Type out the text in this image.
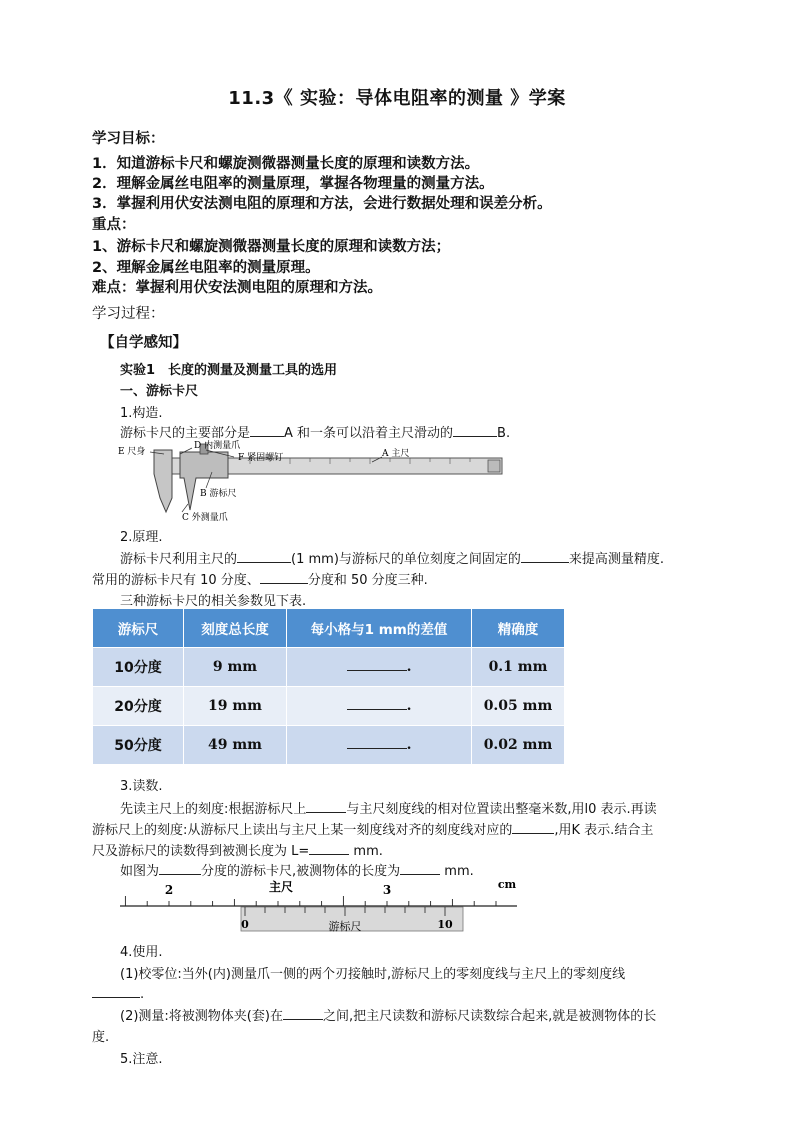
11.3《 实验：导体电阻率的测量 》学案
学习目标：
1．知道游标卡尺和螺旋测微器测量长度的原理和读数方法。
2．理解金属丝电阻率的测量原理，掌握各物理量的测量方法。
3．掌握利用伏安法测电阻的原理和方法，会进行数据处理和误差分析。
重点：
1、游标卡尺和螺旋测微器测量长度的原理和读数方法；
2、理解金属丝电阻率的测量原理。
难点：掌握利用伏安法测电阻的原理和方法。
学习过程：
【自学感知】
实验1　长度的测量及测量工具的选用
一、游标卡尺
1.构造.
游标卡尺的主要部分是	A 和一条可以沿着主尺滑动的	B.
E 尺身
D 内测量爪
F 紧固螺钉	A 主尺
B 游标尺
C 外测量爪
2.原理.
游标卡尺利用主尺的	(1 mm)与游标尺的单位刻度之间固定的	来提高测量精度.
常用的游标卡尺有 10 分度、	分度和 50 分度三种.
三种游标卡尺的相关参数见下表.
游标尺	刻度总长度	每小格与1 mm的差值	精确度
10分度	9 mm	.	0.1 mm
20分度	19 mm	.	0.05 mm
50分度	49 mm	.	0.02 mm
3.读数.
先读主尺上的刻度:根据游标尺上	与主尺刻度线的相对位置读出整毫米数,用l0 表示.再读
游标尺上的刻度:从游标尺上读出与主尺上某一刻度线对齐的刻度线对应的	,用K 表示.结合主
尺及游标尺的读数得到被测长度为 L=	mm.
如图为	分度的游标卡尺,被测物体的长度为	mm.
2	3
主尺	cm
0	10
游标尺
4.使用.
(1)校零位:当外(内)测量爪一侧的两个刃接触时,游标尺上的零刻度线与主尺上的零刻度线
.
(2)测量:将被测物体夹(套)在	之间,把主尺读数和游标尺读数综合起来,就是被测物体的长
度.
5.注意.
